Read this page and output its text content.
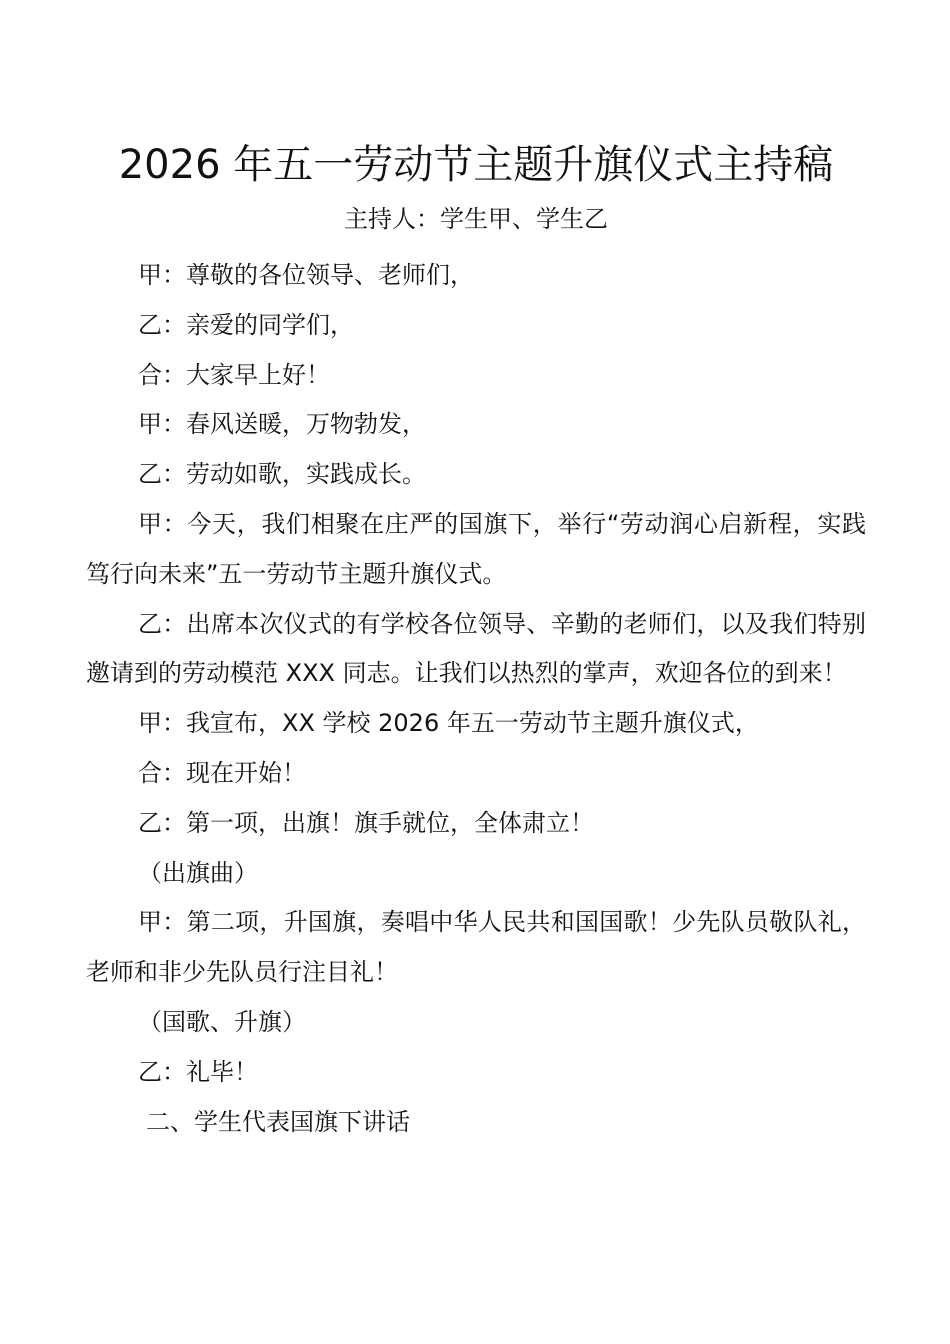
2026 年五一劳动节主题升旗仪式主持稿
主持人：学生甲、学生乙

甲：尊敬的各位领导、老师们，

乙：亲爱的同学们，

合：大家早上好！

甲：春风送暖，万物勃发，

乙：劳动如歌，实践成长。

甲：今天，我们相聚在庄严的国旗下，举行“劳动润心启新程，实践笃行向未来”五一劳动节主题升旗仪式。

乙：出席本次仪式的有学校各位领导、辛勤的老师们，以及我们特别邀请到的劳动模范 XXX 同志。让我们以热烈的掌声，欢迎各位的到来！

甲：我宣布，XX 学校 2026 年五一劳动节主题升旗仪式，

合：现在开始！

乙：第一项，出旗！旗手就位，全体肃立！

（出旗曲）

甲：第二项，升国旗，奏唱中华人民共和国国歌！少先队员敬队礼，老师和非少先队员行注目礼！

（国歌、升旗）

乙：礼毕！

二、学生代表国旗下讲话
